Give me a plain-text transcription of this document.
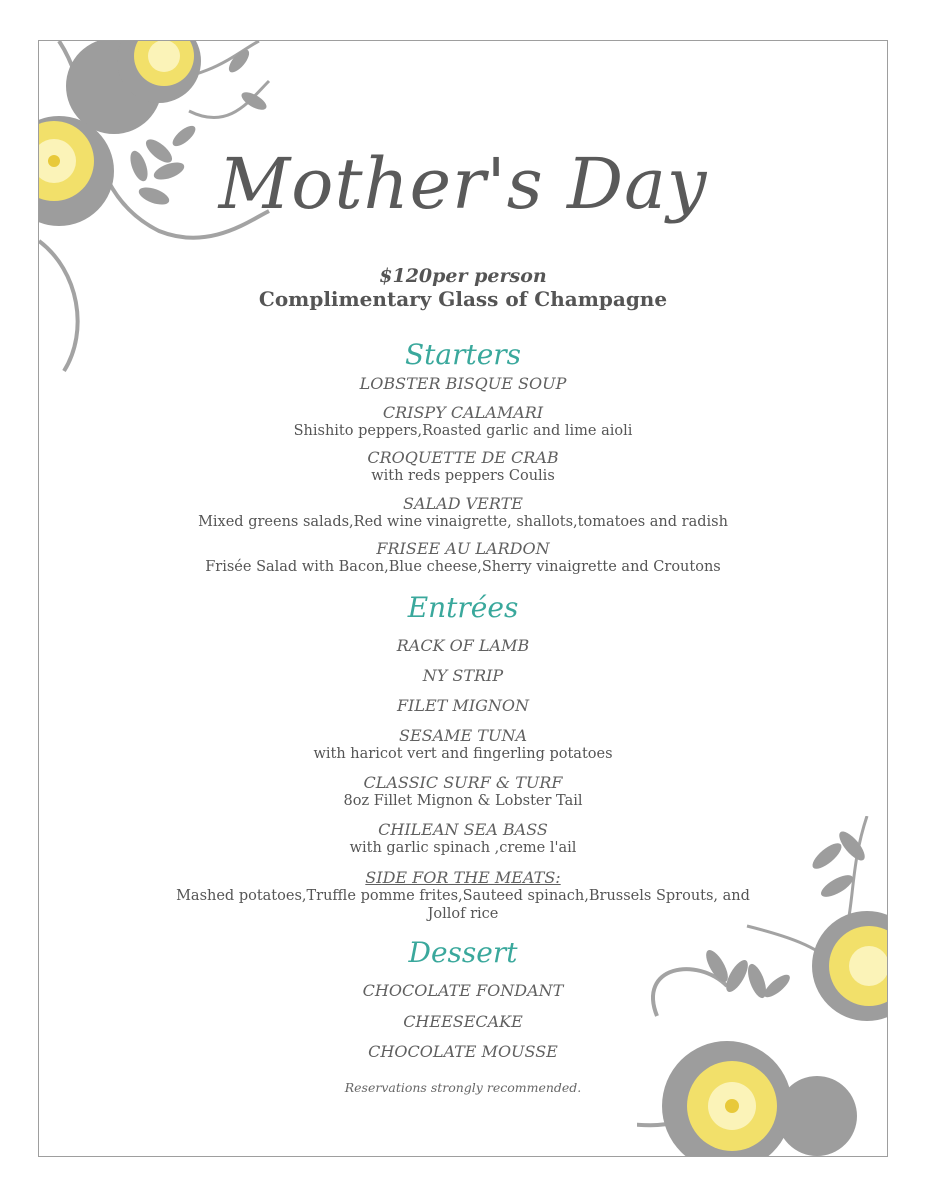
Mother's Day
$120per person
Complimentary Glass of Champagne
Starters
LOBSTER BISQUE SOUP
CRISPY CALAMARI
Shishito peppers,Roasted garlic and lime aioli
CROQUETTE DE CRAB
with reds peppers Coulis
SALAD VERTE
Mixed greens salads,Red wine vinaigrette, shallots,tomatoes and radish
FRISEE AU LARDON
Frisée Salad with Bacon,Blue cheese,Sherry vinaigrette and Croutons
Entrées
RACK OF LAMB
NY STRIP
FILET MIGNON
SESAME TUNA
with haricot vert and fingerling potatoes
CLASSIC SURF & TURF
8oz Fillet Mignon & Lobster Tail
CHILEAN SEA BASS
with garlic spinach ,creme l'ail
SIDE FOR THE MEATS:
Mashed potatoes,Truffle pomme frites,Sauteed spinach,Brussels Sprouts, and
Jollof rice
Dessert
CHOCOLATE FONDANT
CHEESECAKE
CHOCOLATE MOUSSE
Reservations strongly recommended.
